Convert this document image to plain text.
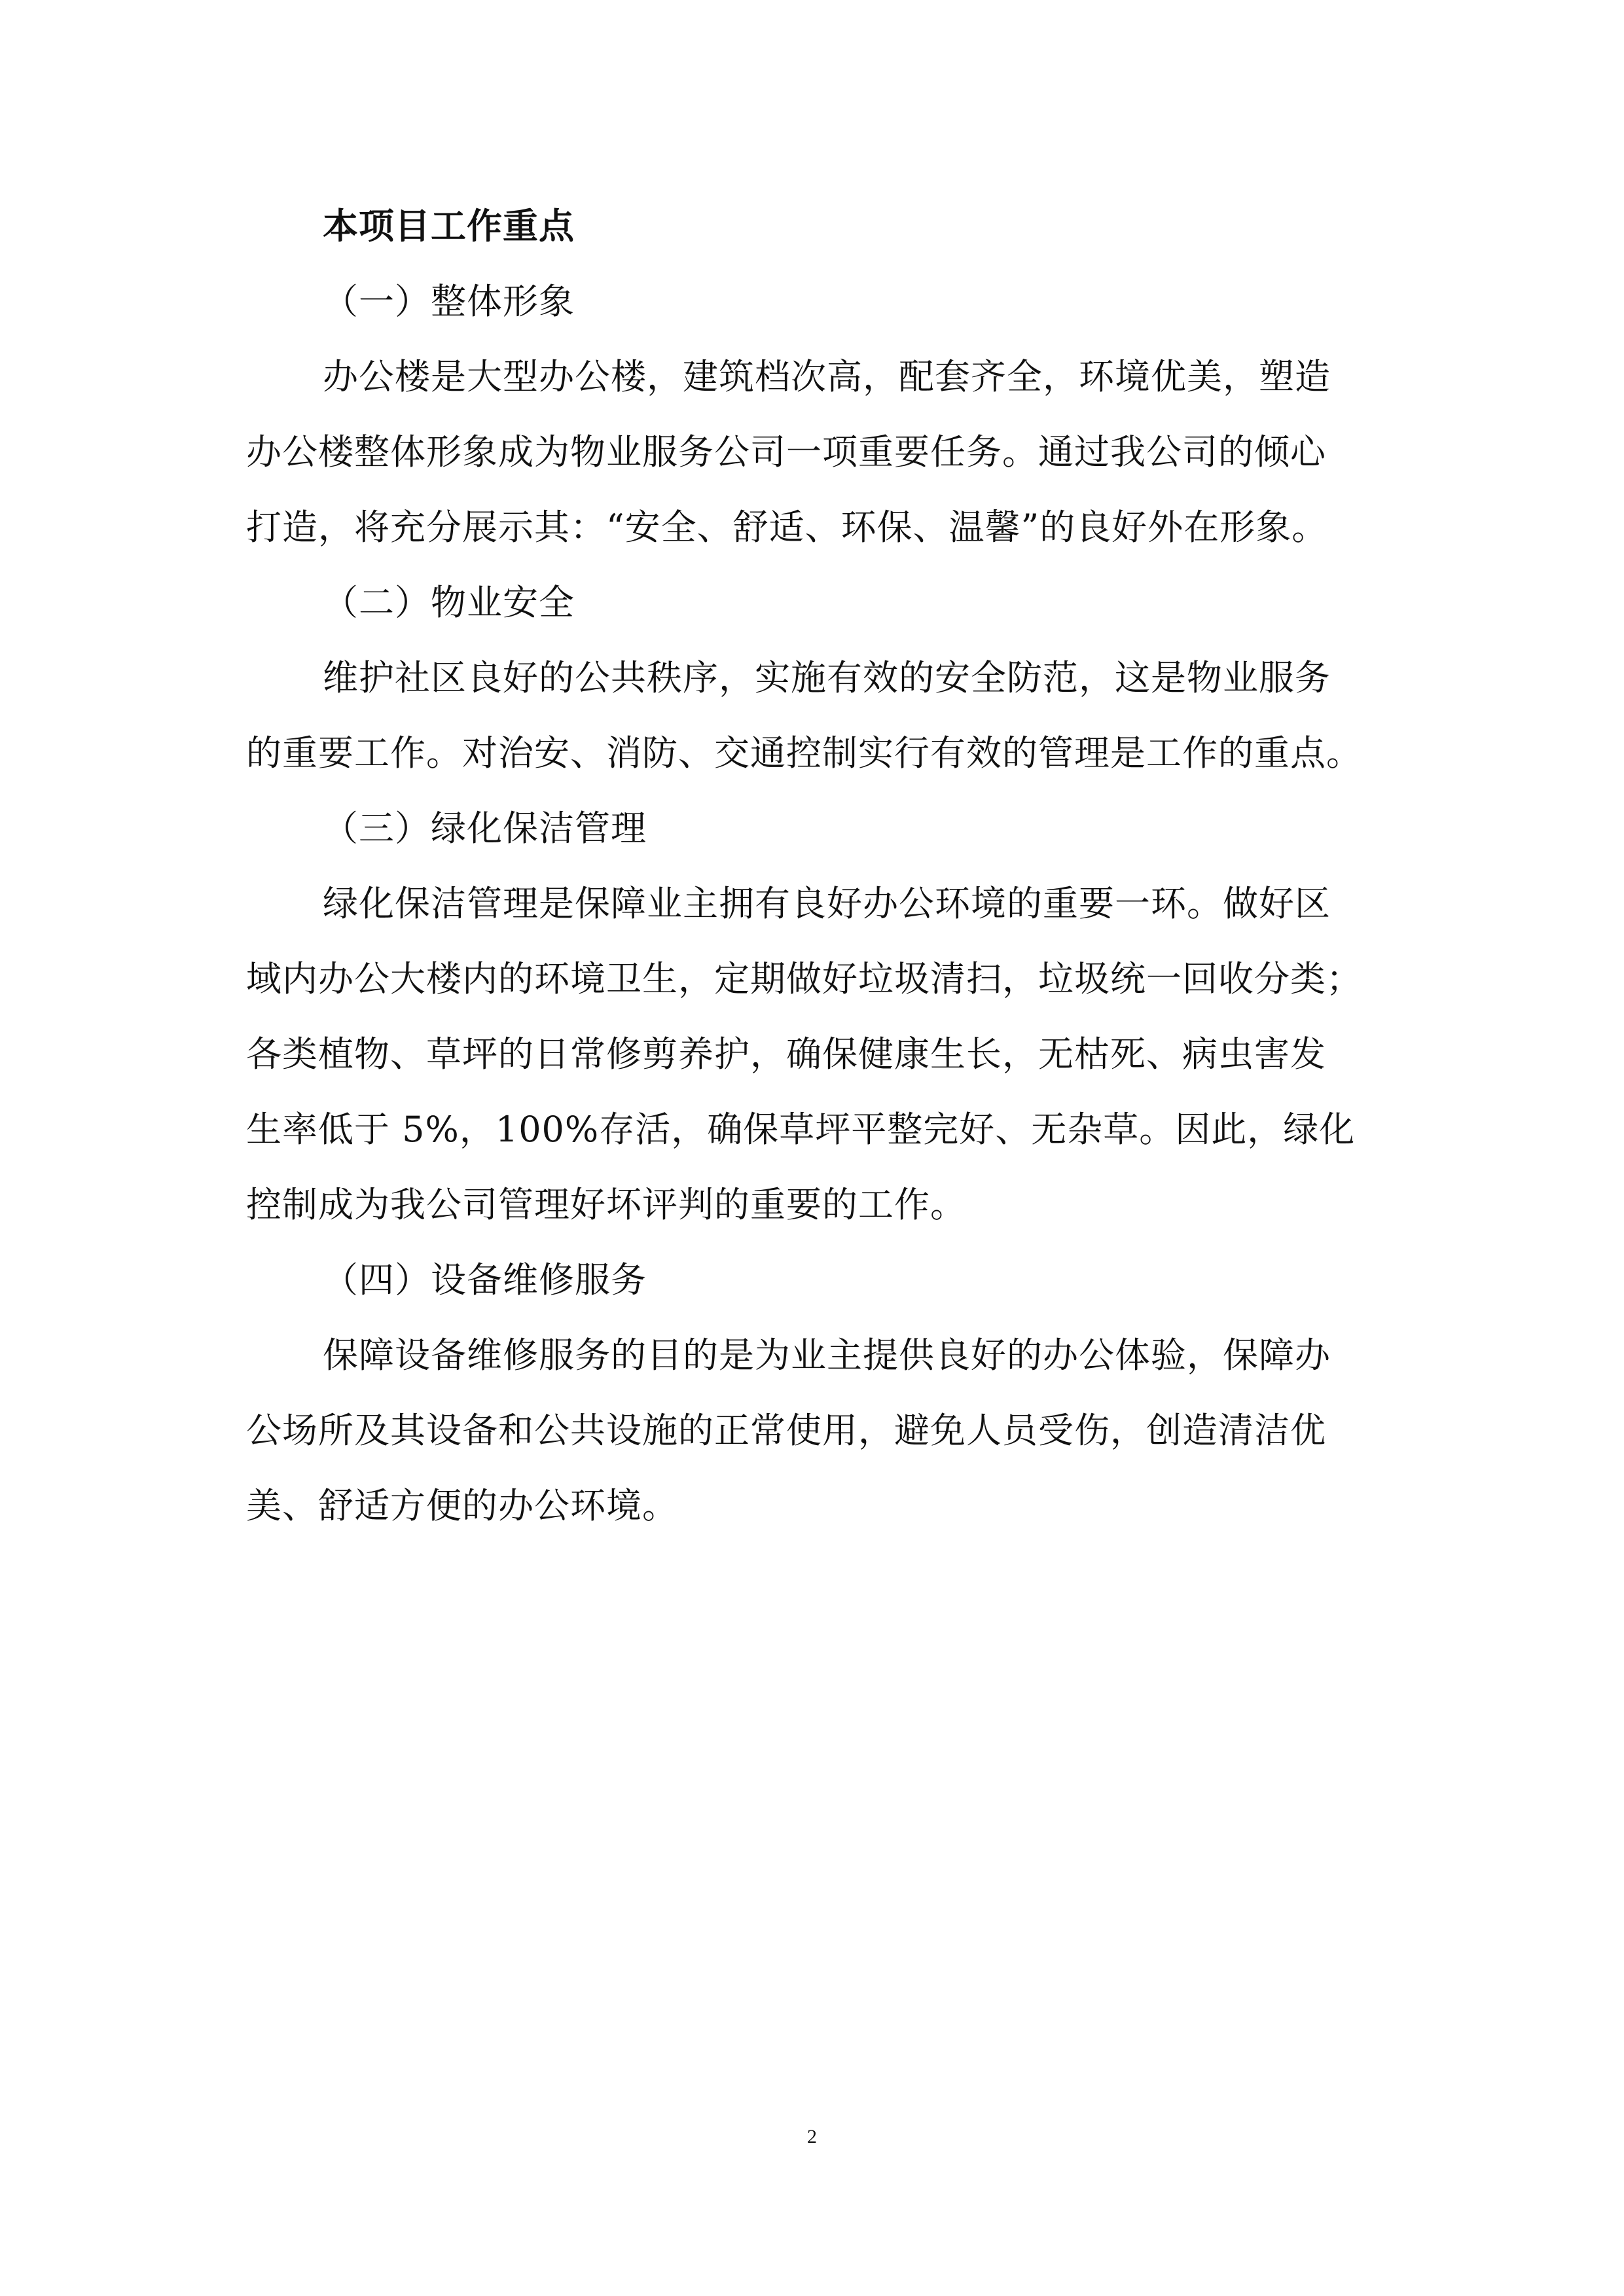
本项目工作重点
（一）整体形象
办公楼是大型办公楼，建筑档次高，配套齐全，环境优美，塑造
办公楼整体形象成为物业服务公司一项重要任务。通过我公司的倾心
打造，将充分展示其：“安全、舒适、环保、温馨”的良好外在形象。
（二）物业安全
维护社区良好的公共秩序，实施有效的安全防范，这是物业服务
的重要工作。对治安、消防、交通控制实行有效的管理是工作的重点。
（三）绿化保洁管理
绿化保洁管理是保障业主拥有良好办公环境的重要一环。做好区
域内办公大楼内的环境卫生，定期做好垃圾清扫，垃圾统一回收分类；
各类植物、草坪的日常修剪养护，确保健康生长，无枯死、病虫害发
生率低于 5%，100%存活，确保草坪平整完好、无杂草。因此，绿化
控制成为我公司管理好坏评判的重要的工作。
（四）设备维修服务
保障设备维修服务的目的是为业主提供良好的办公体验，保障办
公场所及其设备和公共设施的正常使用，避免人员受伤，创造清洁优
美、舒适方便的办公环境。
2
